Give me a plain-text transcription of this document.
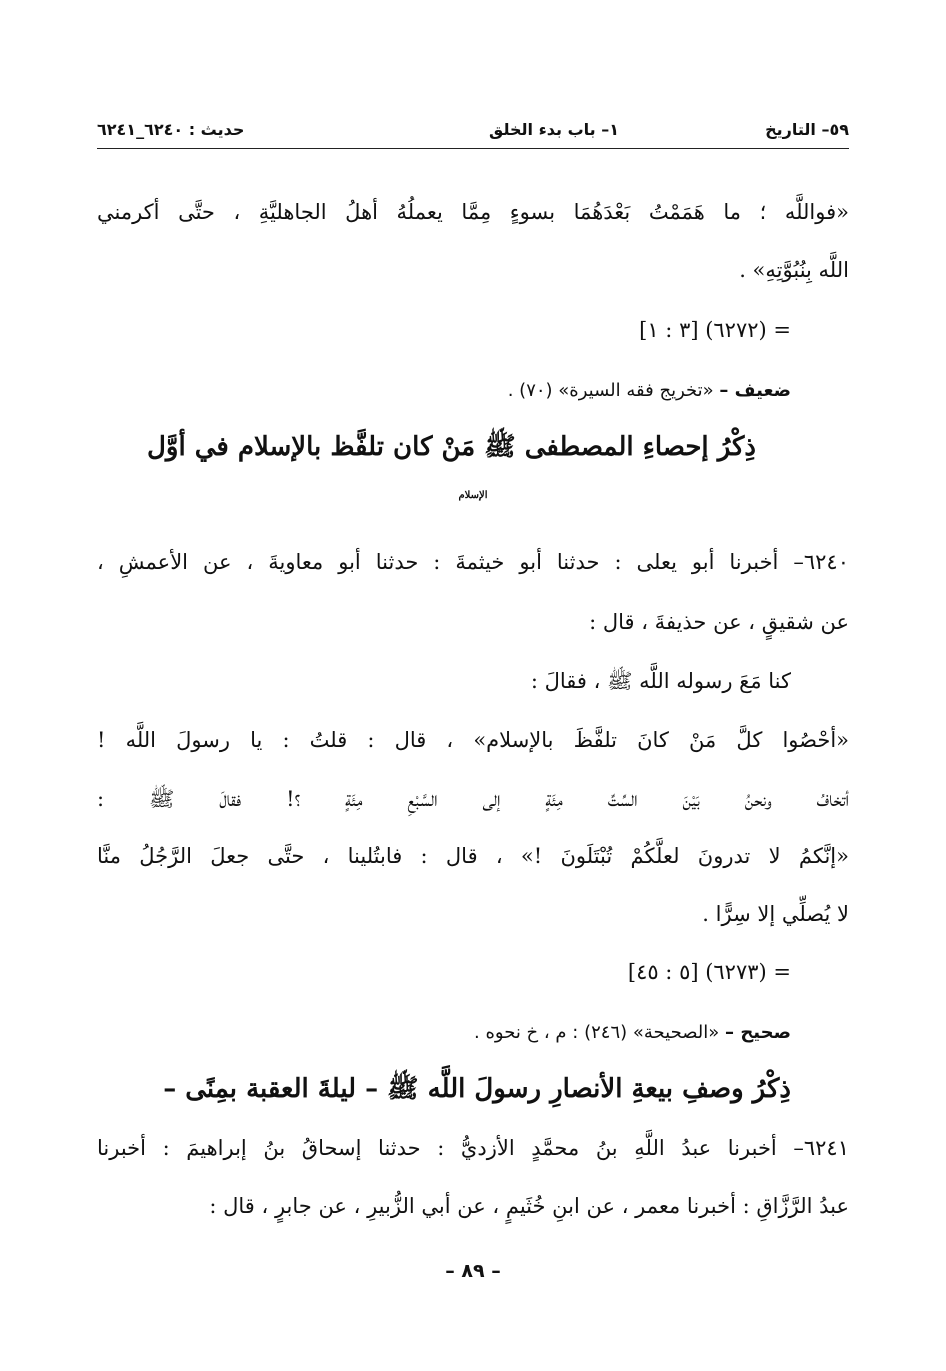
٥٩– التاريخ
١– باب بدء الخلق
حديث : ٦٢٤٠_٦٢٤١
«فواللَّه ؛ ما هَمَمْتُ بَعْدَهُمَا بسوءٍ مِمَّا يعملُهُ أهلُ الجاهليَّةِ ، حتَّى أكرمني
اللَّه بِنُبُوَّتِهِ» .
= (٦٢٧٢) [٣ : ١]
ضعيف – «تخريج فقه السيرة» (٧٠) .
ذِكْرُ إحصاءِ المصطفى ﷺ مَنْ كان تلفَّظ بالإسلام في أوَّل
الإسلام
٦٢٤٠– أخبرنا أبو يعلى : حدثنا أبو خيثمةَ : حدثنا أبو معاويةَ ، عن الأعمشِ ،
عن شقيقٍ ، عن حذيفةَ ، قال :
كنا مَعَ رسوله اللَّه ﷺ ، فقالَ :
«أحْصُوا كلَّ مَنْ كانَ تلفَّظَ بالإسلام» ، قال : قلتُ : يا رسولَ اللَّه !
أتخافُ ونحنُ بَيْنَ السِّتِّ مِئَةٍ إلى السَّبْعِ مِئَةٍ ؟! فقالَ ﷺ :
«إنَّكمُ لا تدرونَ لعلَّكُمْ تُبْتَلَونَ !» ، قال : فابتُلينا ، حتَّى جعلَ الرَّجُلُ منَّا
لا يُصلِّي إلا سِرًّا .
= (٦٢٧٣) [٥ : ٤٥]
صحيح – «الصحيحة» (٢٤٦) : م ، خ نحوه .
ذِكْرُ وصفِ بيعةِ الأنصارِ رسولَ اللَّه ﷺ – ليلةَ العقبة بمِنًى –
٦٢٤١– أخبرنا عبدُ اللَّهِ بنُ محمَّدٍ الأزديُّ : حدثنا إسحاقُ بنُ إبراهيمَ : أخبرنا
عبدُ الرَّزَّاقِ : أخبرنا معمر ، عن ابنِ خُثَيمٍ ، عن أبي الزُّبيرِ ، عن جابرٍ ، قال :
– ٨٩ –
